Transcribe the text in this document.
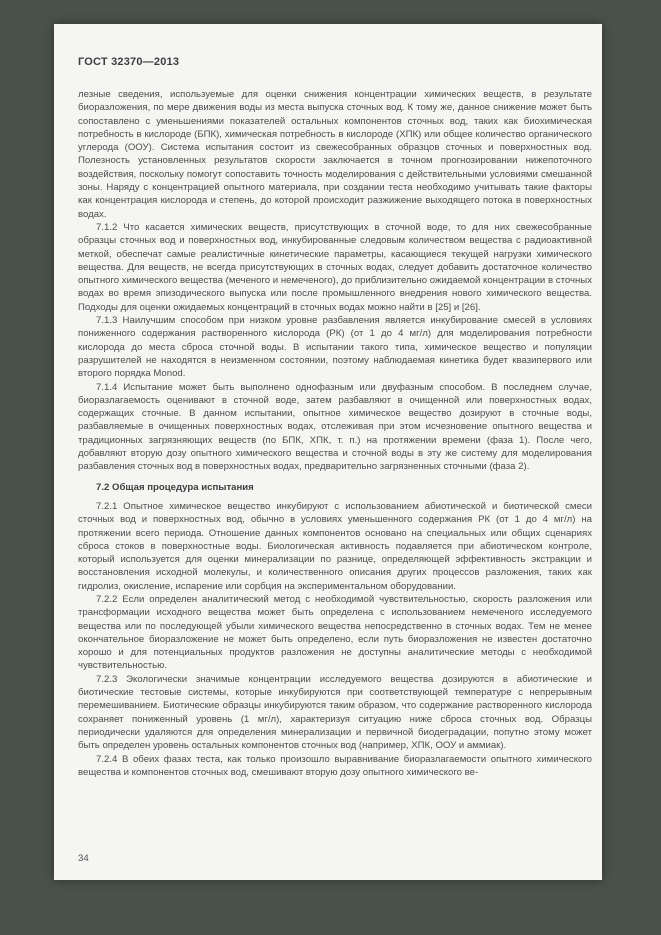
ГОСТ 32370—2013

лезные сведения, используемые для оценки снижения концентрации химических веществ, в результате биоразложения, по мере движения воды из места выпуска сточных вод. К тому же, данное снижение может быть сопоставлено с уменьшениями показателей остальных компонентов сточных вод, таких как биохимическая потребность в кислороде (БПК), химическая потребность в кислороде (ХПК) или общее количество органического углерода (ООУ). Система испытания состоит из свежесобранных образцов сточных и поверхностных вод. Полезность установленных результатов скорости заключается в точном прогнозировании нижепоточного воздействия, поскольку помогут сопоставить точность моделирования с действительными условиями смешанной зоны. Наряду с концентрацией опытного материала, при создании теста необходимо учитывать такие факторы как концентрация кислорода и степень, до которой происходит разжижение выходящего потока в поверхностных водах.

7.1.2 Что касается химических веществ, присутствующих в сточной воде, то для них свежесобранные образцы сточных вод и поверхностных вод, инкубированные следовым количеством вещества с радиоактивной меткой, обеспечат самые реалистичные кинетические параметры, касающиеся текущей нагрузки химического вещества. Для веществ, не всегда присутствующих в сточных водах, следует добавить достаточное количество опытного химического вещества (меченого и немеченого), до приблизительно ожидаемой концентрации в сточных водах во время эпизодического выпуска или после промышленного внедрения нового химического вещества. Подходы для оценки ожидаемых концентраций в сточных водах можно найти в [25] и [26].

7.1.3 Наилучшим способом при низком уровне разбавления является инкубирование смесей в условиях пониженного содержания растворенного кислорода (РК) (от 1 до 4 мг/л) для моделирования потребности кислорода до места сброса сточной воды. В испытании такого типа, химическое вещество и популяции разрушителей не находятся в неизменном состоянии, поэтому наблюдаемая кинетика будет квазипервого или второго порядка Monod.

7.1.4 Испытание может быть выполнено однофазным или двуфазным способом. В последнем случае, биоразлагаемость оценивают в сточной воде, затем разбавляют в очищенной или поверхностных водах, содержащих сточные. В данном испытании, опытное химическое вещество дозируют в сточные воды, разбавляемые в очищенных поверхностных водах, отслеживая при этом исчезновение опытного вещества и традиционных загрязняющих веществ (по БПК, ХПК, т. п.) на протяжении времени (фаза 1). После чего, добавляют вторую дозу опытного химического вещества и сточной воды в эту же систему для моделирования разбавления сточных вод в поверхностных водах, предварительно загрязненных сточными (фаза 2).

7.2 Общая процедура испытания

7.2.1 Опытное химическое вещество инкубируют с использованием абиотической и биотической смеси сточных вод и поверхностных вод, обычно в условиях уменьшенного содержания РК (от 1 до 4 мг/л) на протяжении всего периода. Отношение данных компонентов основано на специальных или общих сценариях сброса стоков в поверхностные воды. Биологическая активность подавляется при абиотическом контроле, который используется для оценки минерализации по разнице, определяющей эффективность экстракции и восстановления исходной молекулы, и количественного описания других процессов разложения, таких как гидролиз, окисление, испарение или сорбция на экспериментальном оборудовании.

7.2.2 Если определен аналитический метод с необходимой чувствительностью, скорость разложения или трансформации исходного вещества может быть определена с использованием немеченого исследуемого вещества или по последующей убыли химического вещества непосредственно в сточных водах. Тем не менее окончательное биоразложение не может быть определено, если путь биоразложения не известен достаточно хорошо и для потенциальных продуктов разложения не доступны аналитические методы с необходимой чувствительностью.

7.2.3 Экологически значимые концентрации исследуемого вещества дозируются в абиотические и биотические тестовые системы, которые инкубируются при соответствующей температуре с непрерывным перемешиванием. Биотические образцы инкубируются таким образом, что содержание растворенного кислорода сохраняет пониженный уровень (1 мг/л), характеризуя ситуацию ниже сброса сточных вод. Образцы периодически удаляются для определения минерализации и первичной биодеградации, попутно этому может быть определен уровень остальных компонентов сточных вод (например, ХПК, ООУ и аммиак).

7.2.4 В обеих фазах теста, как только произошло выравнивание биоразлагаемости опытного химического вещества и компонентов сточных вод, смешивают вторую дозу опытного химического ве-

34
